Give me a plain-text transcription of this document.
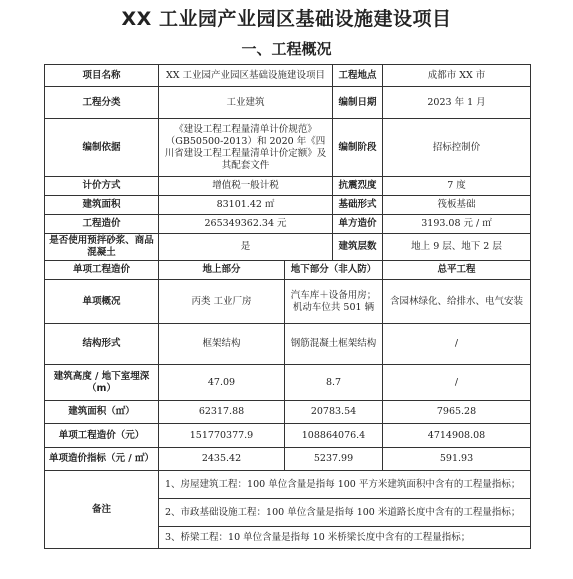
XX 工业园产业园区基础设施建设项目
一、工程概况
项目名称	XX 工业园产业园区基础设施建设项目		工程地点	成都市 XX 市
工程分类	工业建筑		编制日期	2023 年 1 月
编制依据	《建设工程工程量清单计价规范》（GB50500-2013）和 2020 年《四川省建设工程工程量清单计价定额》及其配套文件		编制阶段	招标控制价
计价方式	增值税一般计税		抗震烈度	7 度
建筑面积	83101.42 ㎡		基础形式	筏板基础
工程造价	265349362.34 元		单方造价	3193.08 元 / ㎡
是否使用预拌砂浆、商品混凝土	是		建筑层数	地上 9 层、地下 2 层
单项工程造价	地上部分	地下部分（非人防）		总平工程
单项概况	丙类 工业厂房	汽车库＋设备用房；机动车位共 501 辆		含园林绿化、给排水、电气安装
结构形式	框架结构	钢筋混凝土框架结构		/
建筑高度 / 地下室埋深（m）	47.09	8.7		/
建筑面积（㎡）	62317.88	20783.54		7965.28
单项工程造价（元）	151770377.9	108864076.4		4714908.08
单项造价指标（元 / ㎡）	2435.42	5237.99		591.93
备注	1、房屋建筑工程：100 单位含量是指每 100 平方米建筑面积中含有的工程量指标；			
	2、市政基础设施工程：100 单位含量是指每 100 米道路长度中含有的工程量指标；			
	3、桥梁工程：10 单位含量是指每 10 米桥梁长度中含有的工程量指标；			
